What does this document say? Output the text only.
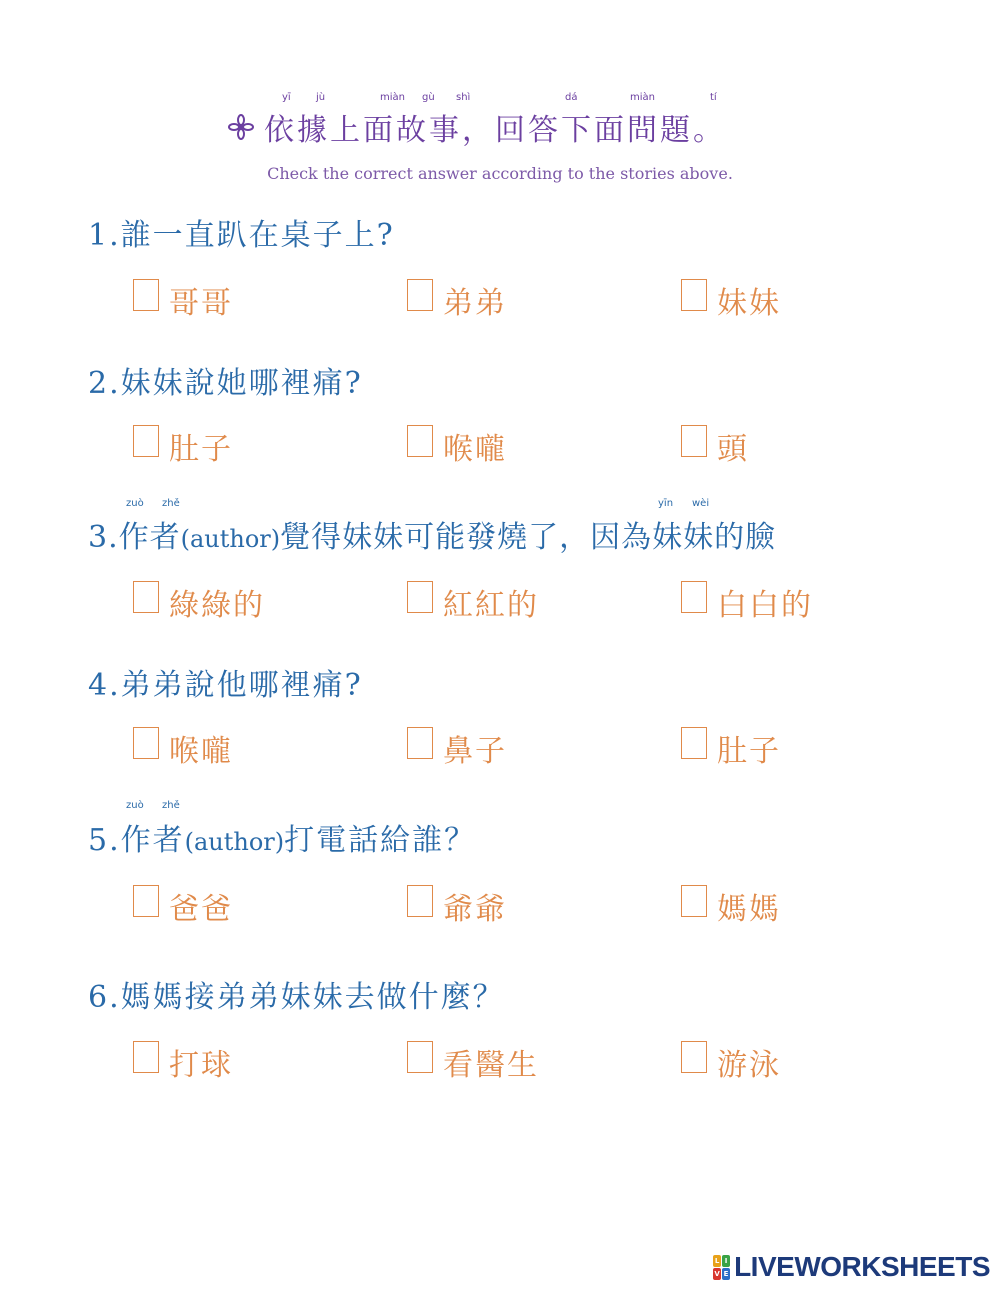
yī	jù	miàn gù shì	dá	miàn	tí
依據上面故事，回答下面問題。
Check the correct answer according to the stories above.
1.誰一直趴在桌子上?
哥哥	弟弟	妹妹
2.妹妹說她哪裡痛?
肚子	喉嚨	頭
zuò zhě	yīn wèi
3.作者(author)覺得妹妹可能發燒了，因為妹妹的臉
綠綠的	紅紅的	白白的
4.弟弟說他哪裡痛?
喉嚨	鼻子	肚子
zuò zhě
5.作者(author)打電話給誰？
爸爸	爺爺	媽媽
6.媽媽接弟弟妹妹去做什麼？
打球	看醫生	游泳
L I
V E LIVEWORKSHEETS
